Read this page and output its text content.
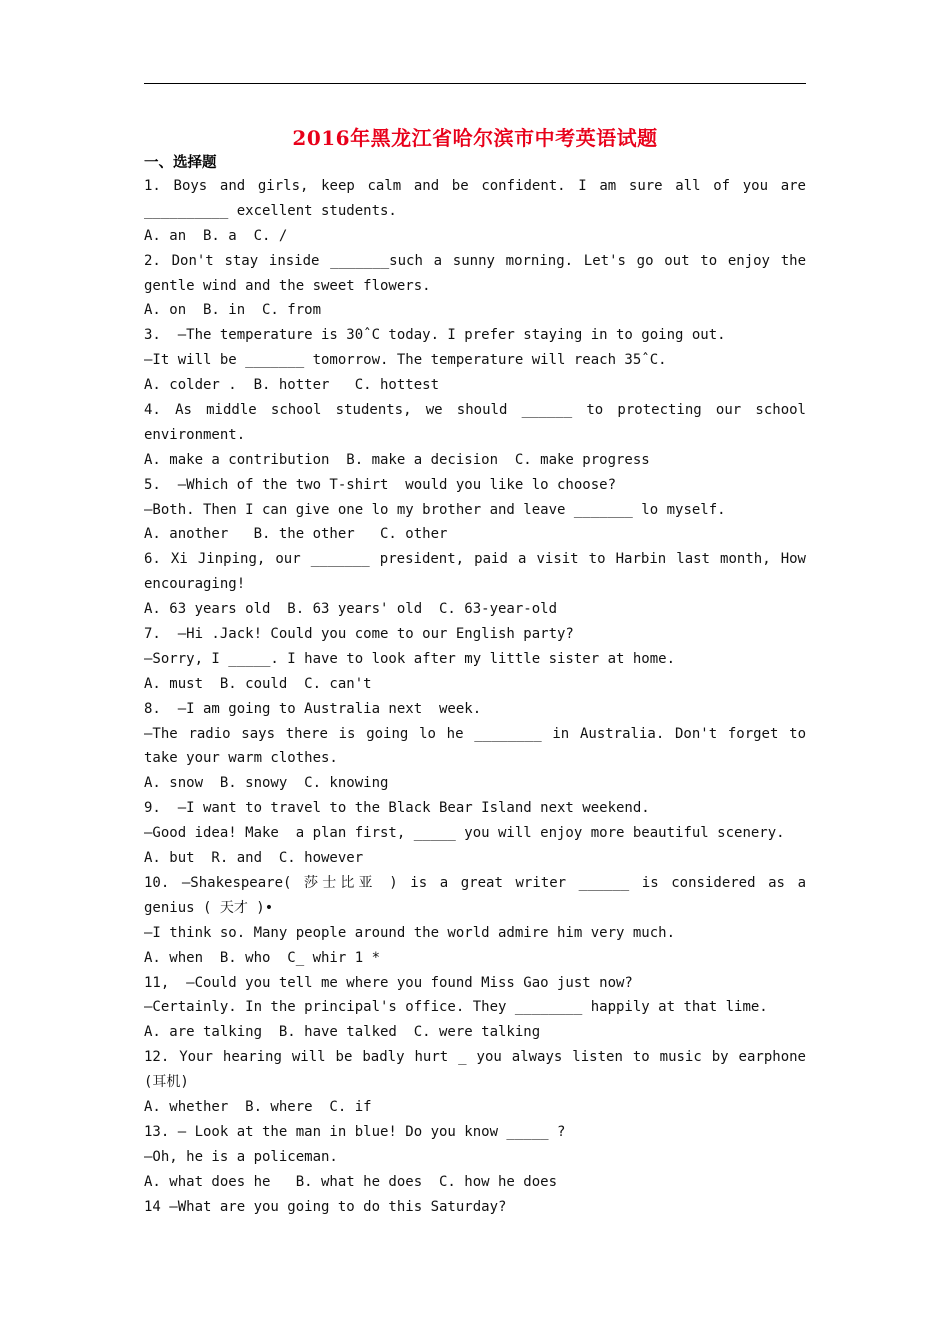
2016年黑龙江省哈尔滨市中考英语试题
一、选择题
1. Boys and girls, keep calm and be confident. I am sure all of you are
__________ excellent students.
A. an  B. a  C. /
2. Don't stay inside _______such a sunny morning. Let's go out to enjoy the
gentle wind and the sweet flowers.
A. on  B. in  C. from
3.  —The temperature is 30ˆC today. I prefer staying in to going out.
—It will be _______ tomorrow. The temperature will reach 35ˆC.
A. colder .  B. hotter   C. hottest
4. As middle school students, we should ______ to protecting our school
environment.
A. make a contribution  B. make a decision  C. make progress
5.  —Which of the two T-shirt  would you like lo choose?
—Both. Then I can give one lo my brother and leave _______ lo myself.
A. another   B. the other   C. other
6. Xi Jinping, our _______ president, paid a visit to Harbin last month, How
encouraging!
A. 63 years old  B. 63 years' old  C. 63-year-old
7.  —Hi .Jack! Could you come to our English party?
—Sorry, I _____. I have to look after my little sister at home.
A. must  B. could  C. can't
8.  —I am going to Australia next  week.
—The radio says there is going lo he ________ in Australia. Don't forget to
take your warm clothes.
A. snow  B. snowy  C. knowing
9.  —I want to travel to the Black Bear Island next weekend.
—Good idea! Make  a plan first, _____ you will enjoy more beautiful scenery.
A. but  R. and  C. however
10. —Shakespeare( 莎士比亚 ) is a great writer ______ is considered as a
genius ( 天才 )•
—I think so. Many people around the world admire him very much.
A. when  B. who  C_ whir 1 *
11,  —Could you tell me where you found Miss Gao just now?
—Certainly. In the principal's office. They ________ happily at that lime.
A. are talking  B. have talked  C. were talking
12. Your hearing will be badly hurt _ you always listen to music by earphone
(耳机)
A. whether  B. where  C. if
13. — Look at the man in blue! Do you know _____ ?
—Oh, he is a policeman.
A. what does he   B. what he does  C. how he does
14 —What are you going to do this Saturday?
